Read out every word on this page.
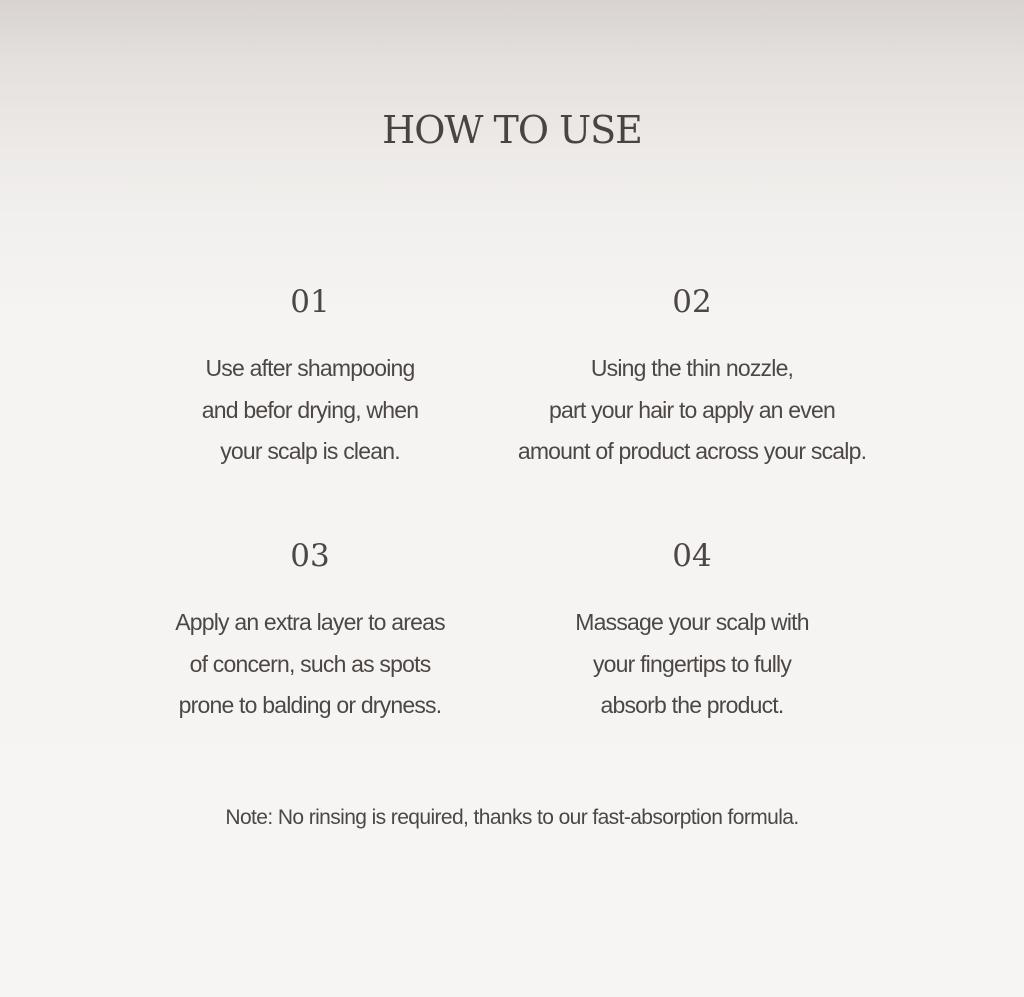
HOW TO USE
01
Use after shampooing
and befor drying, when
your scalp is clean.
02
Using the thin nozzle,
part your hair to apply an even
amount of product across your scalp.
03
Apply an extra layer to areas
of concern, such as spots
prone to balding or dryness.
04
Massage your scalp with
your fingertips to fully
absorb the product.

Note: No rinsing is required, thanks to our fast-absorption formula.
